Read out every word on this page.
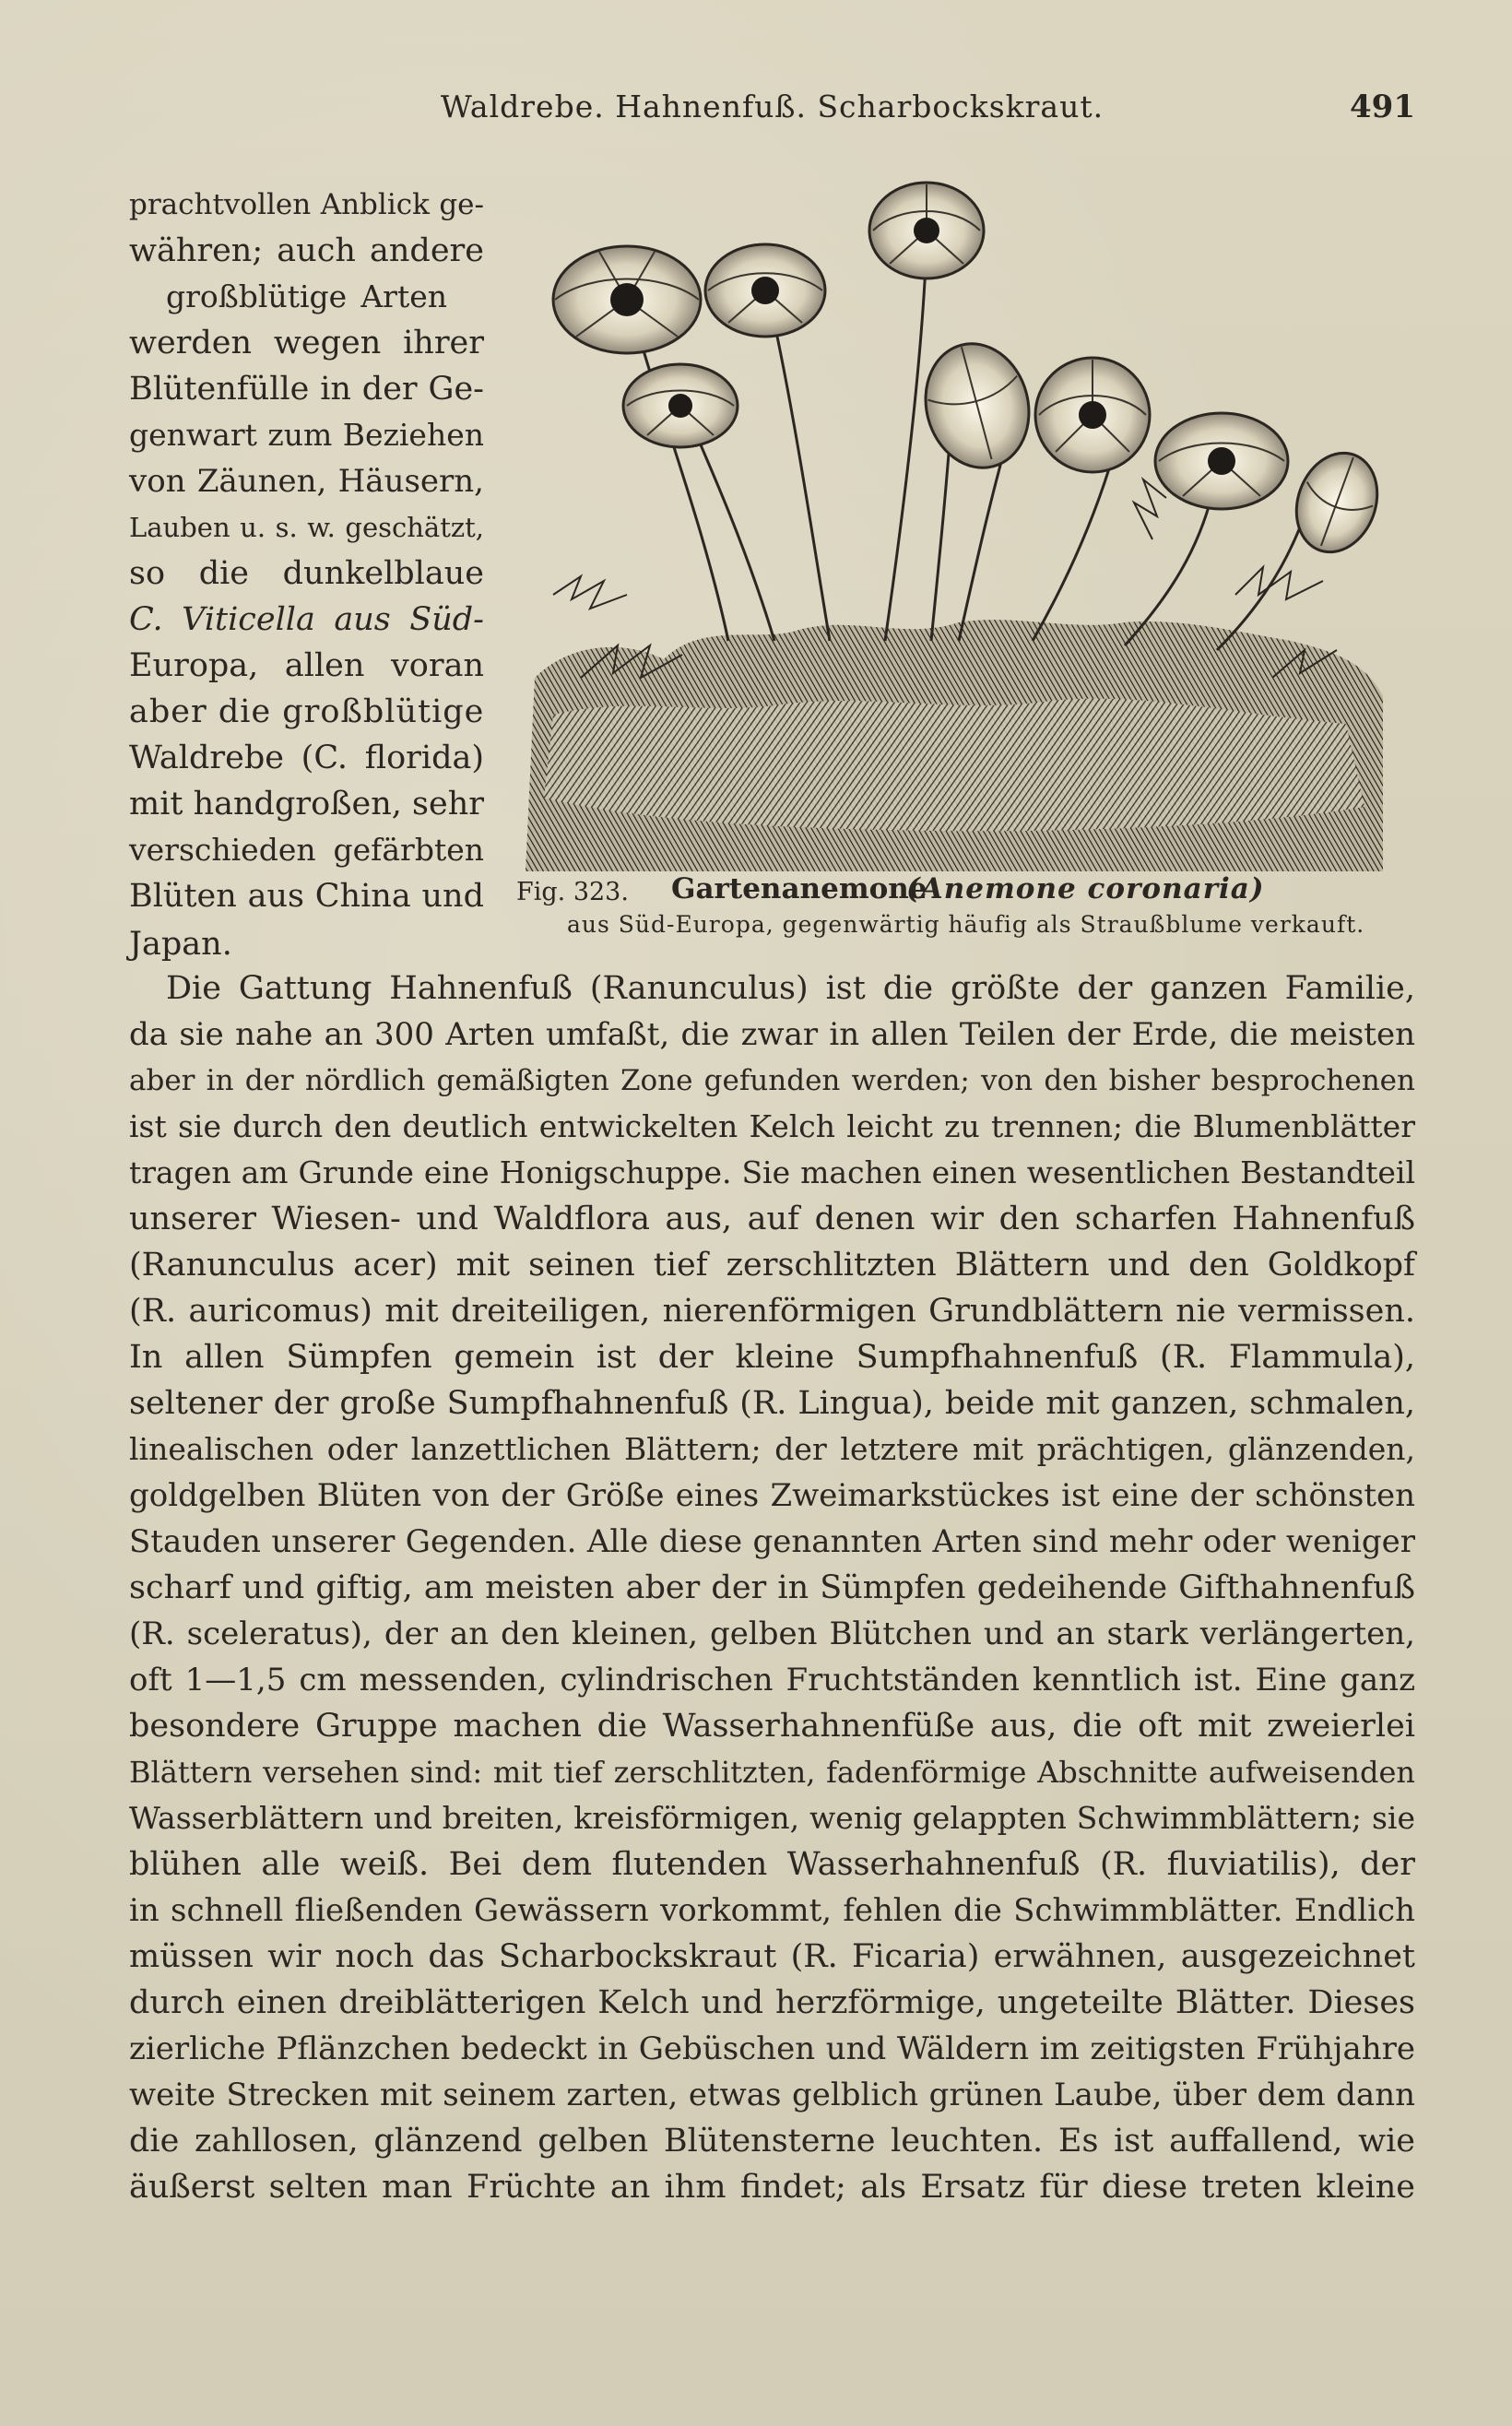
Waldrebe. Hahnenfuß. Scharbockskraut.	491
prachtvollen Anblick ge-
währen; auch andere
großblütige Arten
werden wegen ihrer
Blütenfülle in der Ge-
genwart zum Beziehen
von Zäunen, Häusern,
Lauben u. s. w. geschätzt,
so die dunkelblaue
C. Viticella aus Süd-
Europa, allen voran
aber die großblütige
Waldrebe (C. florida)
mit handgroßen, sehr
verschieden gefärbten
Blüten aus China und
Japan.
Fig. 323. Gartenanemone
(Anemone coronaria)
aus Süd-Europa, gegenwärtig häufig als Straußblume verkauft.
Die Gattung Hahnenfuß (Ranunculus) ist die größte der ganzen Familie,
da sie nahe an 300 Arten umfaßt, die zwar in allen Teilen der Erde, die meisten
aber in der nördlich gemäßigten Zone gefunden werden; von den bisher besprochenen
ist sie durch den deutlich entwickelten Kelch leicht zu trennen; die Blumenblätter
tragen am Grunde eine Honigschuppe. Sie machen einen wesentlichen Bestandteil
unserer Wiesen- und Waldflora aus, auf denen wir den scharfen Hahnenfuß
(Ranunculus acer) mit seinen tief zerschlitzten Blättern und den Goldkopf
(R. auricomus) mit dreiteiligen, nierenförmigen Grundblättern nie vermissen.
In allen Sümpfen gemein ist der kleine Sumpfhahnenfuß (R. Flammula),
seltener der große Sumpfhahnenfuß (R. Lingua), beide mit ganzen, schmalen,
linealischen oder lanzettlichen Blättern; der letztere mit prächtigen, glänzenden,
goldgelben Blüten von der Größe eines Zweimarkstückes ist eine der schönsten
Stauden unserer Gegenden. Alle diese genannten Arten sind mehr oder weniger
scharf und giftig, am meisten aber der in Sümpfen gedeihende Gifthahnenfuß
(R. sceleratus), der an den kleinen, gelben Blütchen und an stark verlängerten,
oft 1—1,5 cm messenden, cylindrischen Fruchtständen kenntlich ist. Eine ganz
besondere Gruppe machen die Wasserhahnenfüße aus, die oft mit zweierlei
Blättern versehen sind: mit tief zerschlitzten, fadenförmige Abschnitte aufweisenden
Wasserblättern und breiten, kreisförmigen, wenig gelappten Schwimmblättern; sie
blühen alle weiß. Bei dem flutenden Wasserhahnenfuß (R. fluviatilis), der
in schnell fließenden Gewässern vorkommt, fehlen die Schwimmblätter. Endlich
müssen wir noch das Scharbockskraut (R. Ficaria) erwähnen, ausgezeichnet
durch einen dreiblätterigen Kelch und herzförmige, ungeteilte Blätter. Dieses
zierliche Pflänzchen bedeckt in Gebüschen und Wäldern im zeitigsten Frühjahre
weite Strecken mit seinem zarten, etwas gelblich grünen Laube, über dem dann
die zahllosen, glänzend gelben Blütensterne leuchten. Es ist auffallend, wie
äußerst selten man Früchte an ihm findet; als Ersatz für diese treten kleine
